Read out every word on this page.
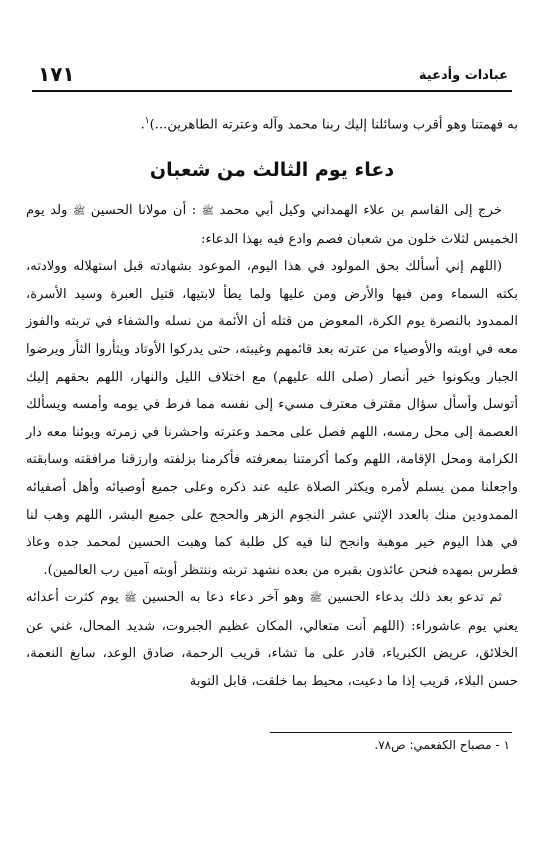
عبادات وأدعية
١٧١

به فهمتنا وهو أقرب وسائلنا إليك ربنا محمد وآله وعترته الطاهرين...)$^١$.

دعاء يوم الثالث من شعبان

خرج إلى القاسم بن علاء الهمداني وكيل أبي محمد ﷺ : أن مولانا الحسين ﷺ ولد يوم الخميس لثلاث خلون من شعبان فصم وادع فيه بهذا الدعاء:

(اللهم إني أسألك بحق المولود في هذا اليوم، الموعود بشهادته قبل استهلاله وولادته، بكته السماء ومن فيها والأرض ومن عليها ولما يطأ لابتيها، قتيل العبرة وسيد الأسرة، الممدود بالنصرة يوم الكرة، المعوض من قتله أن الأئمة من نسله والشفاء في تربته والفوز معه في اوبته والأوصياء من عترته بعد قائمهم وغيبته، حتى يدركوا الأوتاد ويثأروا الثأر ويرضوا الجبار ويكونوا خير أنصار (صلى الله عليهم) مع اختلاف الليل والنهار، اللهم بحقهم إليك أتوسل وأسأل سؤال مقترف معترف مسيء إلى نفسه مما فرط في يومه وأمسه ويسألك العصمة إلى محل رمسه، اللهم فصل على محمد وعترته واحشرنا في زمرته وبوئنا معه دار الكرامة ومحل الإقامة، اللهم وكما أكرمتنا بمعرفته فأكرمنا بزلفته وارزقنا مرافقته وسابقته واجعلنا ممن يسلم لأمره ويكثر الصلاة عليه عند ذكره وعلى جميع أوصيائه وأهل أصفيائه الممدودين منك بالعدد الإثني عشر النجوم الزهر والحجج على جميع البشر، اللهم وهب لنا في هذا اليوم خير موهبة وانجح لنا فيه كل طلبة كما وهبت الحسين لمحمد جده وعاذ فطرس بمهده فنحن عائذون بقبره من بعده نشهد تربته وننتظر أوبته آمين رب العالمين).

ثم تدعو بعد ذلك بدعاء الحسين ﷺ وهو آخر دعاء دعا به الحسين ﷺ يوم كثرت أعدائه يعني يوم عاشوراء: (اللهم أنت متعالي، المكان عظيم الجبروت، شديد المحال، غني عن الخلائق، عريض الكبرياء، قادر على ما تشاء، قريب الرحمة، صادق الوعد، سابغ النعمة، حسن البلاء، قريب إذا ما دعيت، محيط بما خلقت، قابل التوبة

١ - مصباح الكفعمي: ص٧٨.
